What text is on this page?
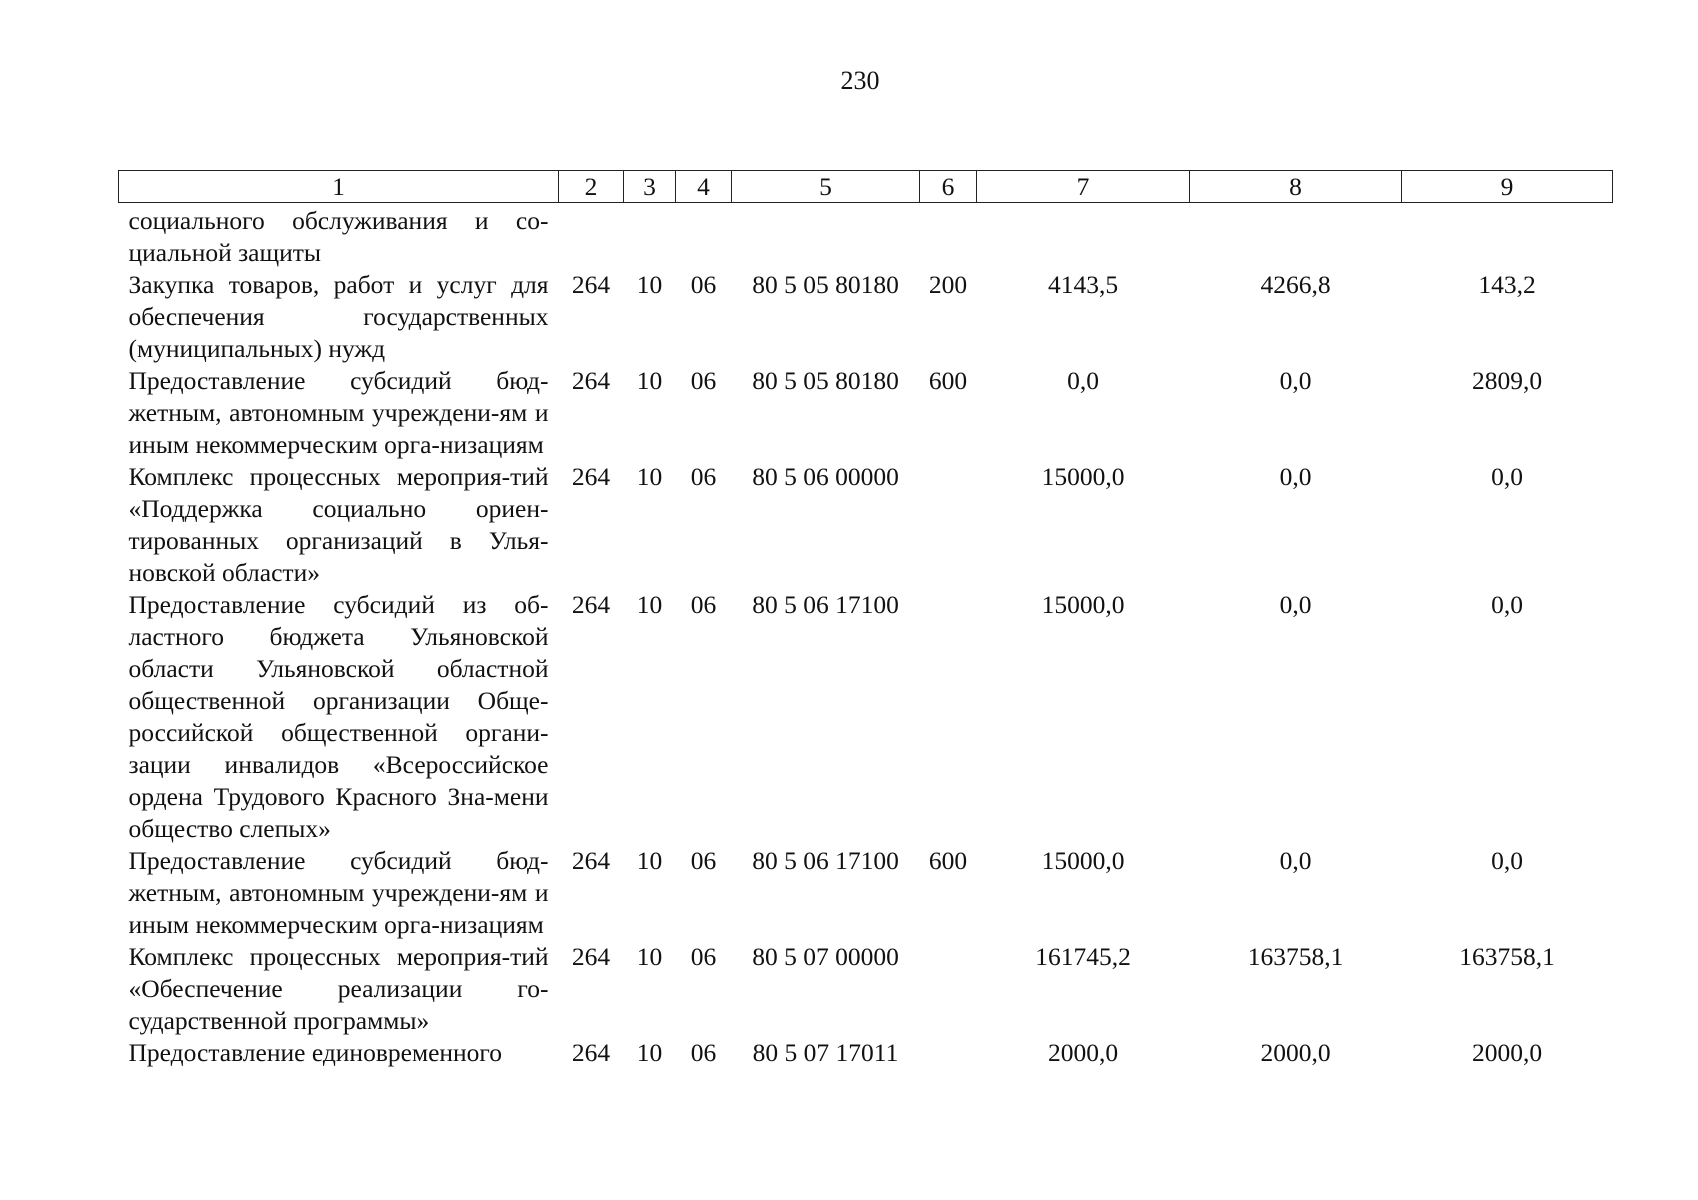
230
1	2	3	4	5	6	7	8	9
социального обслуживания и со-циальной защиты								
Закупка товаров, работ и услуг для обеспечения государственных (муниципальных) нужд	264	10	06	80 5 05 80180	200	4143,5	4266,8	143,2
Предоставление субсидий бюд-жетным, автономным учреждени-ям и иным некоммерческим орга-низациям	264	10	06	80 5 05 80180	600	0,0	0,0	2809,0
Комплекс процессных мероприя-тий «Поддержка социально ориен-тированных организаций в Улья-новской области»	264	10	06	80 5 06 00000		15000,0	0,0	0,0
Предоставление субсидий из об-ластного бюджета Ульяновской области Ульяновской областной общественной организации Обще-российской общественной органи-зации инвалидов «Всероссийское ордена Трудового Красного Зна-мени общество слепых»	264	10	06	80 5 06 17100		15000,0	0,0	0,0
Предоставление субсидий бюд-жетным, автономным учреждени-ям и иным некоммерческим орга-низациям	264	10	06	80 5 06 17100	600	15000,0	0,0	0,0
Комплекс процессных мероприя-тий «Обеспечение реализации го-сударственной программы»	264	10	06	80 5 07 00000		161745,2	163758,1	163758,1
Предоставление единовременного	264	10	06	80 5 07 17011		2000,0	2000,0	2000,0
